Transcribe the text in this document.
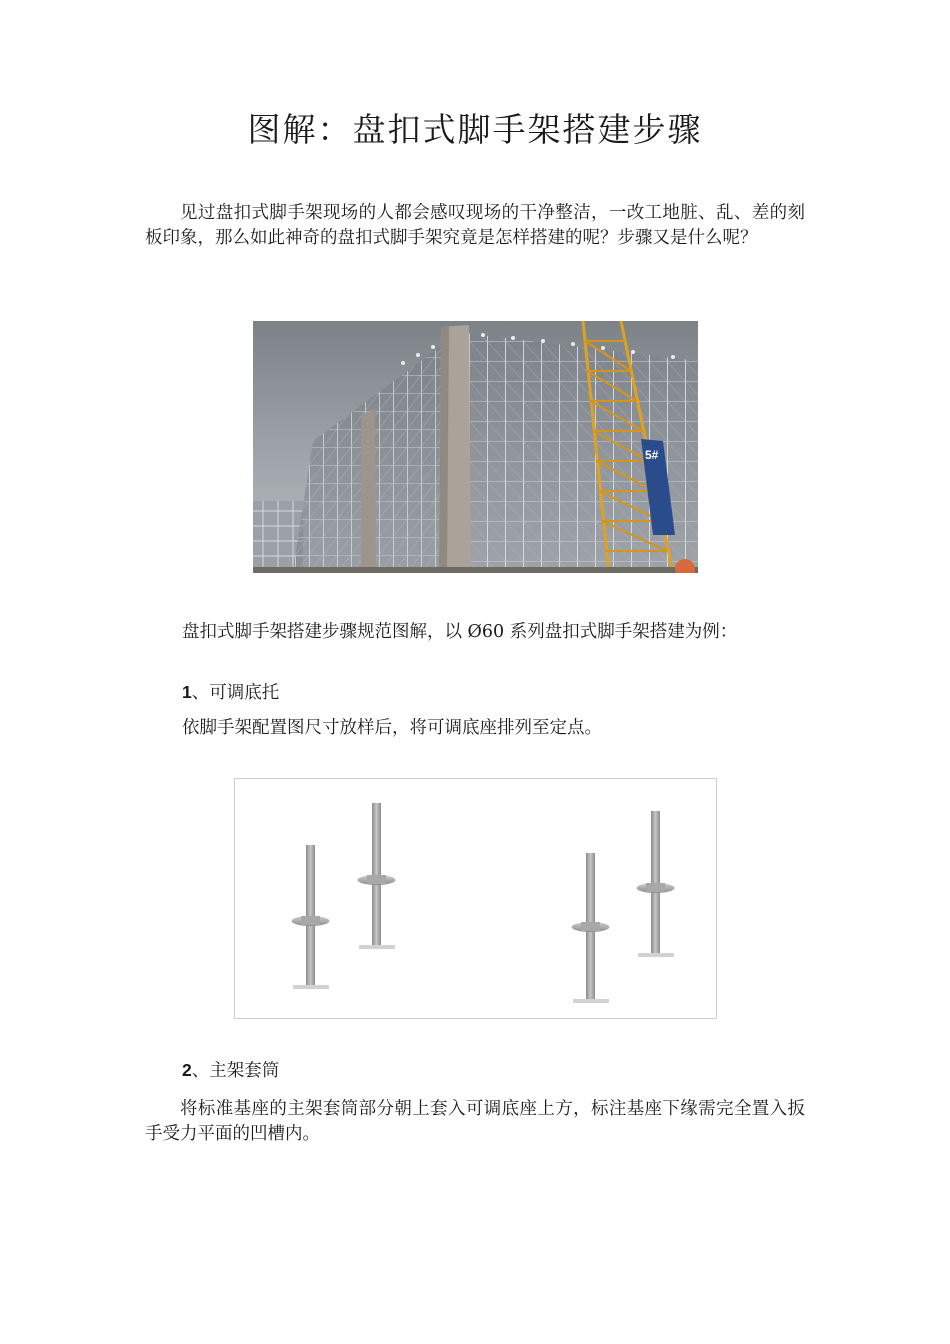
图解：盘扣式脚手架搭建步骤

见过盘扣式脚手架现场的人都会感叹现场的干净整洁，一改工地脏、乱、差的刻板印象，那么如此神奇的盘扣式脚手架究竟是怎样搭建的呢？步骤又是什么呢？

5#

盘扣式脚手架搭建步骤规范图解，以 Ø60 系列盘扣式脚手架搭建为例：

1、可调底托

依脚手架配置图尺寸放样后，将可调底座排列至定点。

2、主架套筒

将标准基座的主架套筒部分朝上套入可调底座上方，标注基座下缘需完全置入扳手受力平面的凹槽内。
